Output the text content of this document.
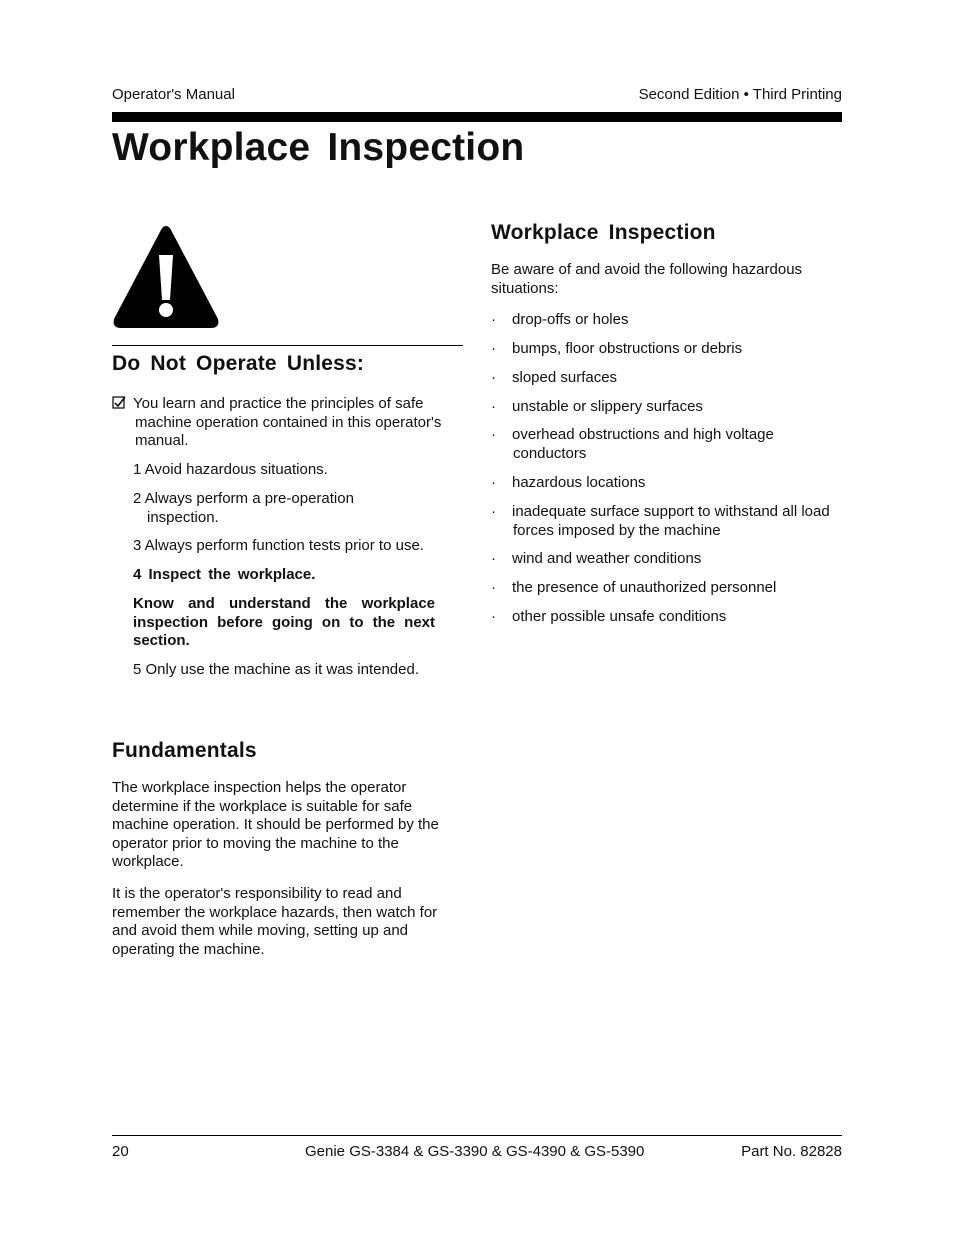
Operator's Manual	Second Edition • Third Printing
Workplace Inspection
Do Not Operate Unless:
You learn and practice the principles of safe
machine operation contained in this operator's
manual.
1 Avoid hazardous situations.
2 Always perform a pre-operation
inspection.
3 Always perform function tests prior to use.
4 Inspect the workplace.
Know and understand the workplace
inspection before going on to the next
section.
5 Only use the machine as it was intended.
Fundamentals
The workplace inspection helps the operator
determine if the workplace is suitable for safe
machine operation. It should be performed by the
operator prior to moving the machine to the
workplace.
It is the operator's responsibility to read and
remember the workplace hazards, then watch for
and avoid them while moving, setting up and
operating the machine.
Workplace Inspection
Be aware of and avoid the following hazardous
situations:
· drop-offs or holes
· bumps, floor obstructions or debris
· sloped surfaces
· unstable or slippery surfaces
· overhead obstructions and high voltage
conductors
· hazardous locations
· inadequate surface support to withstand all load
forces imposed by the machine
· wind and weather conditions
· the presence of unauthorized personnel
· other possible unsafe conditions
20	Genie GS-3384 & GS-3390 & GS-4390 & GS-5390	Part No. 82828
